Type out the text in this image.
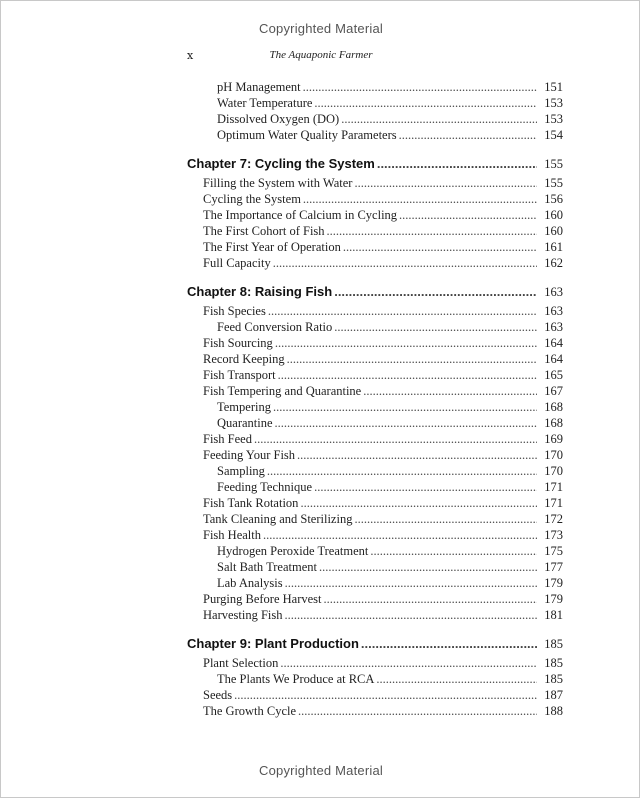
Copyrighted Material
x	The Aquaponic Farmer
pH Management .....	151
Water Temperature .....	153
Dissolved Oxygen (DO) .....	153
Optimum Water Quality Parameters .....	154
Chapter 7: Cycling the System .....	155
Filling the System with Water .....	155
Cycling the System .....	156
The Importance of Calcium in Cycling .....	160
The First Cohort of Fish .....	160
The First Year of Operation .....	161
Full Capacity .....	162
Chapter 8: Raising Fish .....	163
Fish Species .....	163
Feed Conversion Ratio .....	163
Fish Sourcing .....	164
Record Keeping .....	164
Fish Transport .....	165
Fish Tempering and Quarantine .....	167
Tempering .....	168
Quarantine .....	168
Fish Feed .....	169
Feeding Your Fish .....	170
Sampling .....	170
Feeding Technique .....	171
Fish Tank Rotation .....	171
Tank Cleaning and Sterilizing .....	172
Fish Health .....	173
Hydrogen Peroxide Treatment .....	175
Salt Bath Treatment .....	177
Lab Analysis .....	179
Purging Before Harvest .....	179
Harvesting Fish .....	181
Chapter 9: Plant Production .....	185
Plant Selection .....	185
The Plants We Produce at RCA .....	185
Seeds .....	187
The Growth Cycle .....	188
Copyrighted Material
